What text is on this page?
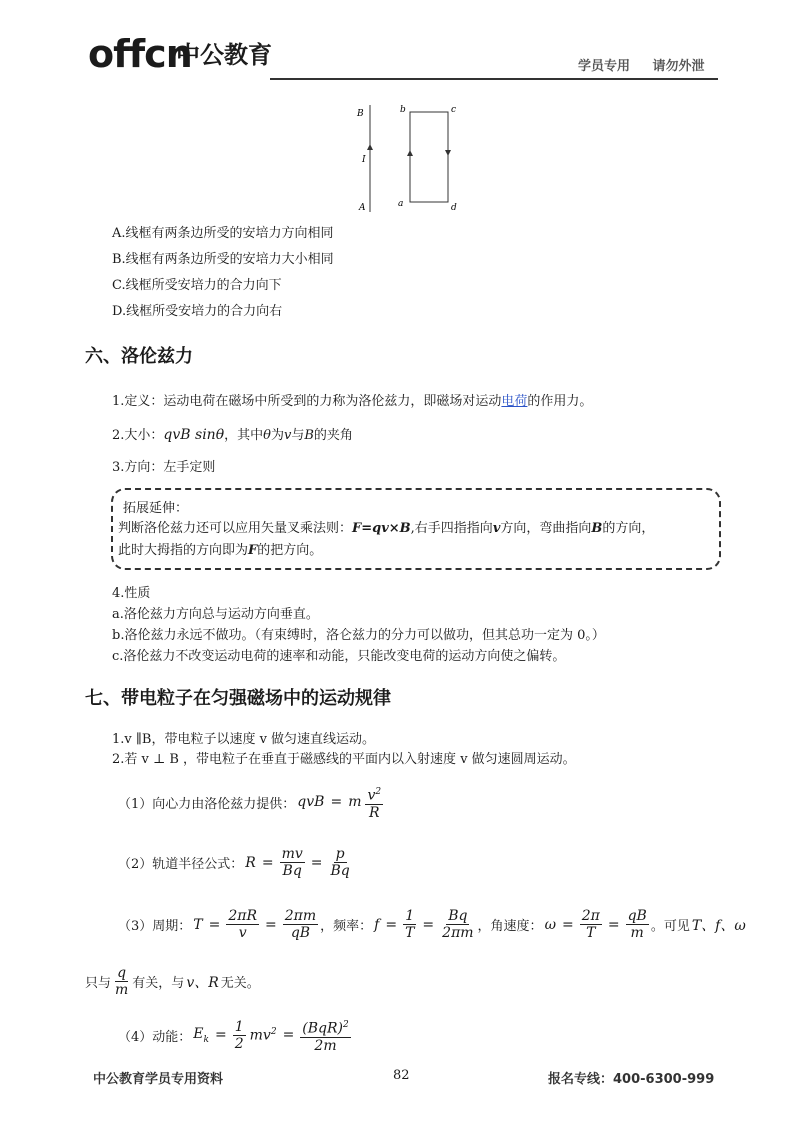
offcn
中公教育	学员专用 请勿外泄
B
I
A
b	c
a	d
A.线框有两条边所受的安培力方向相同
B.线框有两条边所受的安培力大小相同
C.线框所受安培力的合力向下
D.线框所受安培力的合力向右
六、洛伦兹力
1.定义：运动电荷在磁场中所受到的力称为洛伦兹力，即磁场对运动电荷的作用力。
2.大小：qvB sinθ，其中θ为v与B的夹角
3.方向：左手定则
拓展延伸：
判断洛伦兹力还可以应用矢量叉乘法则：F=qv×B,右手四指指向v方向，弯曲指向B的方向，
此时大拇指的方向即为F的把方向。
4.性质
a.洛伦兹力方向总与运动方向垂直。
b.洛伦兹力永远不做功。（有束缚时，洛仑兹力的分力可以做功，但其总功一定为 0。）
c.洛伦兹力不改变运动电荷的速率和动能，只能改变电荷的运动方向使之偏转。
七、带电粒子在匀强磁场中的运动规律
1.v ∥B，带电粒子以速度 v 做匀速直线运动。
2.若 v ⊥ B ，带电粒子在垂直于磁感线的平面内以入射速度 v 做匀速圆周运动。
（1）向心力由洛伦兹力提供： qvB = m $\frac{v^2}{R}$
（2）轨道半径公式： $R = \frac{mv}{Bq} = \frac{p}{Bq}$
（3）周期： $T = \frac{2\pi R}{v} = \frac{2\pi m}{qB}$ ，频率： $f = \frac{1}{T} = \frac{Bq}{2\pi m}$ ，角速度： $\omega = \frac{2\pi}{T} = \frac{qB}{m}$ 。可见 T、f、ω
只与 $\frac{q}{m}$ 有关，与 v、R 无关。
（4）动能： $E_k = \frac{1}{2} mv^2 = \frac{(BqR)^2}{2m}$
中公教育学员专用资料	82	报名专线：400-6300-999
